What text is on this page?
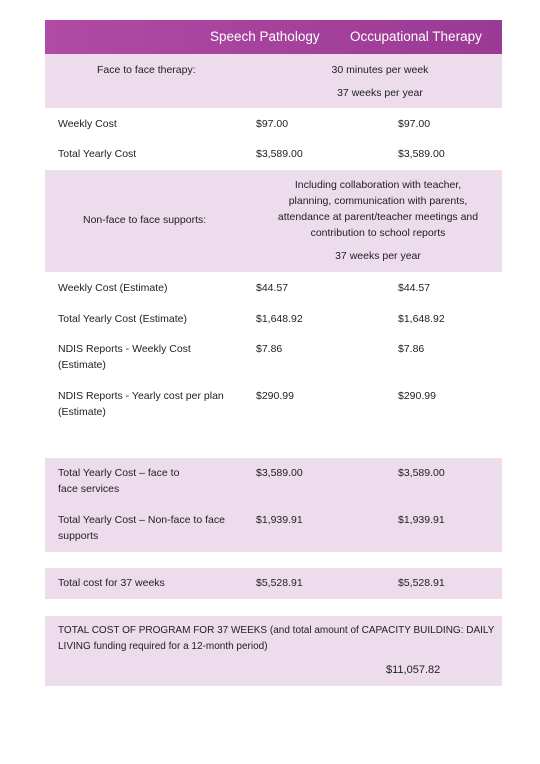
Speech Pathology Occupational Therapy
Face to face therapy:	30 minutes per week
37 weeks per year
Weekly Cost	$97.00	$97.00
Total Yearly Cost	$3,589.00	$3,589.00
Non-face to face supports:
Including collaboration with teacher,
planning, communication with parents,
attendance at parent/teacher meetings and
contribution to school reports
37 weeks per year
Weekly Cost (Estimate)	$44.57	$44.57
Total Yearly Cost (Estimate)	$1,648.92	$1,648.92
NDIS Reports - Weekly Cost
(Estimate)
$7.86	$7.86
NDIS Reports - Yearly cost per plan
(Estimate)
$290.99	$290.99
Total Yearly Cost – face to
face services
$3,589.00	$3,589.00
Total Yearly Cost – Non-face to face
supports
$1,939.91	$1,939.91
Total cost for 37 weeks	$5,528.91	$5,528.91
TOTAL COST OF PROGRAM FOR 37 WEEKS (and total amount of CAPACITY BUILDING: DAILY
LIVING funding required for a 12-month period)
$11,057.82
